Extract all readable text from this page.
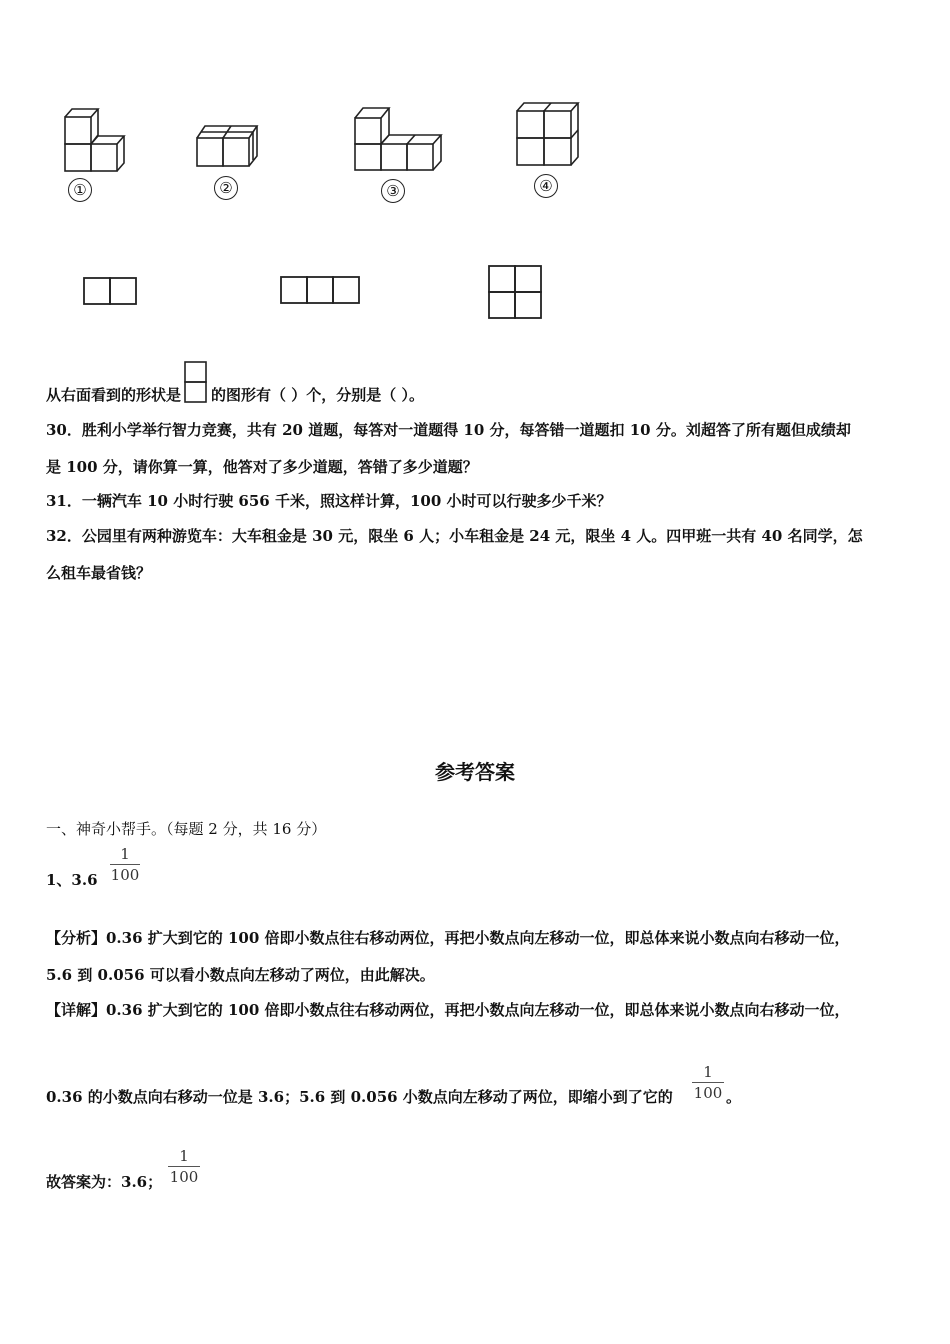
①	②	③	④
从右面看到的形状是 的图形有（ ）个，分别是（ ）。
30．胜利小学举行智力竞赛，共有 20 道题，每答对一道题得 10 分，每答错一道题扣 10 分。刘超答了所有题但成绩却
是 100 分，请你算一算，他答对了多少道题，答错了多少道题？
31．一辆汽车 10 小时行驶 656 千米，照这样计算，100 小时可以行驶多少千米？
32．公园里有两种游览车：大车租金是 30 元，限坐 6 人；小车租金是 24 元，限坐 4 人。四甲班一共有 40 名同学，怎
么租车最省钱？
参考答案
一、神奇小帮手。（每题 2 分，共 16 分）
1、3.6
1
100
【分析】0.36 扩大到它的 100 倍即小数点往右移动两位，再把小数点向左移动一位，即总体来说小数点向右移动一位，
5.6 到 0.056 可以看小数点向左移动了两位，由此解决。
【详解】0.36 扩大到它的 100 倍即小数点往右移动两位，再把小数点向左移动一位，即总体来说小数点向右移动一位，
0.36 的小数点向右移动一位是 3.6；5.6 到 0.056 小数点向左移动了两位，即缩小到了它的
1
100 。
故答案为：3.6；
1
100
